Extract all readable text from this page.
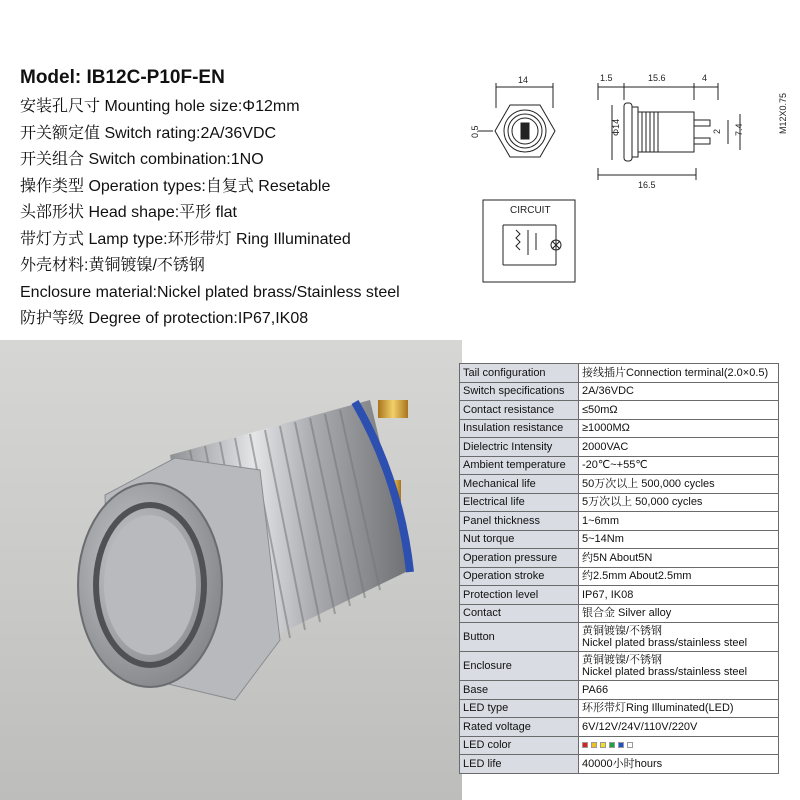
Model: IB12C-P10F-EN
安装孔尺寸 Mounting hole size:Φ12mm
开关额定值 Switch rating:2A/36VDC
开关组合 Switch combination:1NO
操作类型 Operation types:自复式 Resetable
头部形状 Head shape:平形 flat
带灯方式 Lamp type:环形带灯 Ring Illuminated
外壳材料:黄铜镀镍/不锈钢
Enclosure material:Nickel plated brass/Stainless steel
防护等级 Degree of protection:IP67,IK08
14
0.5
1.5	15.6	4
Φ14	2 7.4	M12X0.75
16.5
CIRCUIT
Tail configuration	接线插片Connection terminal(2.0×0.5)
Switch specifications	2A/36VDC
Contact resistance	≤50mΩ
Insulation resistance	≥1000MΩ
Dielectric Intensity	2000VAC
Ambient temperature	-20℃~+55℃
Mechanical life	50万次以上 500,000 cycles
Electrical life	5万次以上 50,000 cycles
Panel thickness	1~6mm
Nut torque	5~14Nm
Operation pressure	约5N About5N
Operation stroke	约2.5mm About2.5mm
Protection level	IP67, IK08
Contact	银合金 Silver alloy
Button	黄铜镀镍/不锈钢
Nickel plated brass/stainless steel

Enclosure	黄铜镀镍/不锈钢
Nickel plated brass/stainless steel

Base	PA66
LED type	环形带灯Ring Illuminated(LED)
Rated voltage	6V/12V/24V/110V/220V
LED color	
LED life	40000小时hours
